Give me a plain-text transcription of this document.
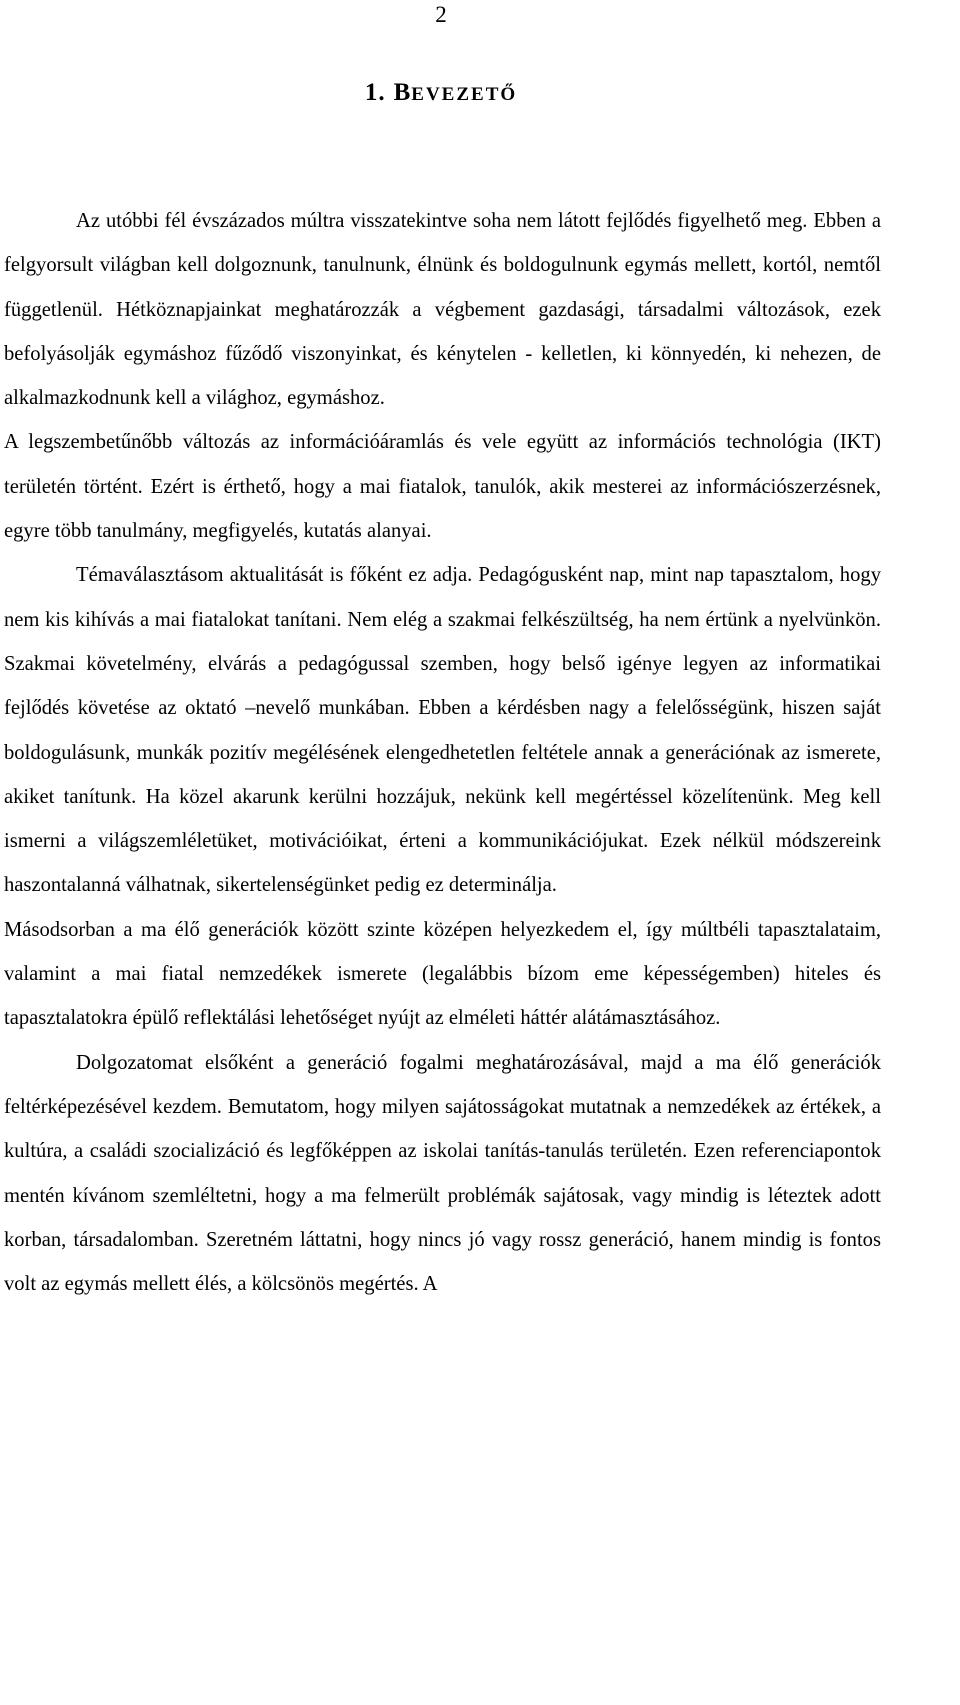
2
1. BEVEZETŐ

Az utóbbi fél évszázados múltra visszatekintve soha nem látott fejlődés figyelhető meg. Ebben a felgyorsult világban kell dolgoznunk, tanulnunk, élnünk és boldogulnunk egymás mellett, kortól, nemtől függetlenül. Hétköznapjainkat meghatározzák a végbement gazdasági, társadalmi változások, ezek befolyásolják egymáshoz fűződő viszonyinkat, és kénytelen - kelletlen, ki könnyedén, ki nehezen, de alkalmazkodnunk kell a világhoz, egymáshoz.

A legszembetűnőbb változás az információáramlás és vele együtt az információs technológia (IKT) területén történt. Ezért is érthető, hogy a mai fiatalok, tanulók, akik mesterei az információszerzésnek, egyre több tanulmány, megfigyelés, kutatás alanyai.

Témaválasztásom aktualitását is főként ez adja. Pedagógusként nap, mint nap tapasztalom, hogy nem kis kihívás a mai fiatalokat tanítani. Nem elég a szakmai felkészültség, ha nem értünk a nyelvünkön. Szakmai követelmény, elvárás a pedagógussal szemben, hogy belső igénye legyen az informatikai fejlődés követése az oktató –nevelő munkában. Ebben a kérdésben nagy a felelősségünk, hiszen saját boldogulásunk, munkák pozitív megélésének elengedhetetlen feltétele annak a generációnak az ismerete, akiket tanítunk. Ha közel akarunk kerülni hozzájuk, nekünk kell megértéssel közelítenünk. Meg kell ismerni a világszemléletüket, motivációikat, érteni a kommunikációjukat. Ezek nélkül módszereink haszontalanná válhatnak, sikertelenségünket pedig ez determinálja.

Másodsorban a ma élő generációk között szinte középen helyezkedem el, így múltbéli tapasztalataim, valamint a mai fiatal nemzedékek ismerete (legalábbis bízom eme képességemben) hiteles és tapasztalatokra épülő reflektálási lehetőséget nyújt az elméleti háttér alátámasztásához.

Dolgozatomat elsőként a generáció fogalmi meghatározásával, majd a ma élő generációk feltérképezésével kezdem. Bemutatom, hogy milyen sajátosságokat mutatnak a nemzedékek az értékek, a kultúra, a családi szocializáció és legfőképpen az iskolai tanítás-tanulás területén. Ezen referenciapontok mentén kívánom szemléltetni, hogy a ma felmerült problémák sajátosak, vagy mindig is léteztek adott korban, társadalomban. Szeretném láttatni, hogy nincs jó vagy rossz generáció, hanem mindig is fontos volt az egymás mellett élés, a kölcsönös megértés. A
